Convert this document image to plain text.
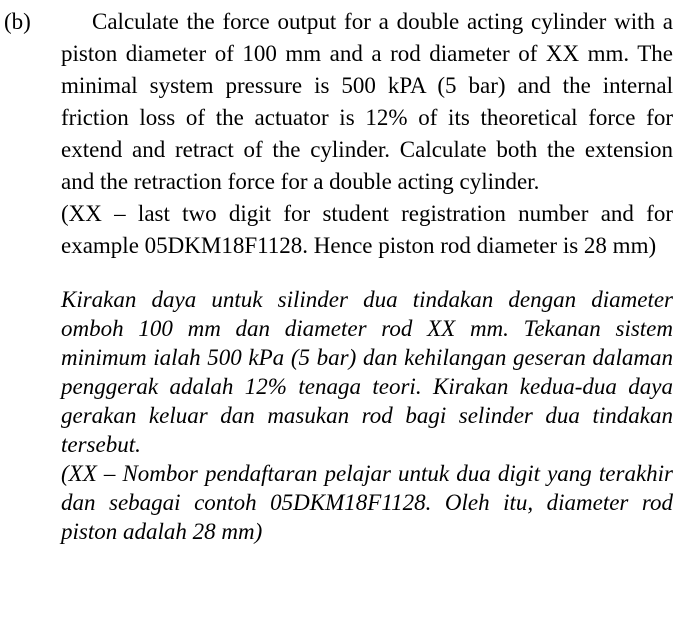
(b)	Calculate the force output for a double acting cylinder with a piston diameter of 100 mm and a rod diameter of XX mm. The minimal system pressure is 500 kPA (5 bar) and the internal friction loss of the actuator is 12% of its theoretical force for extend and retract of the cylinder. Calculate both the extension and the retraction force for a double acting cylinder.

(XX – last two digit for student registration number and for example 05DKM18F1128. Hence piston rod diameter is 28 mm)

Kirakan daya untuk silinder dua tindakan dengan diameter omboh 100 mm dan diameter rod XX mm. Tekanan sistem minimum ialah 500 kPa (5 bar) dan kehilangan geseran dalaman penggerak adalah 12% tenaga teori. Kirakan kedua-dua daya gerakan keluar dan masukan rod bagi selinder dua tindakan tersebut.

(XX – Nombor pendaftaran pelajar untuk dua digit yang terakhir dan sebagai contoh 05DKM18F1128. Oleh itu, diameter rod piston adalah 28 mm)
